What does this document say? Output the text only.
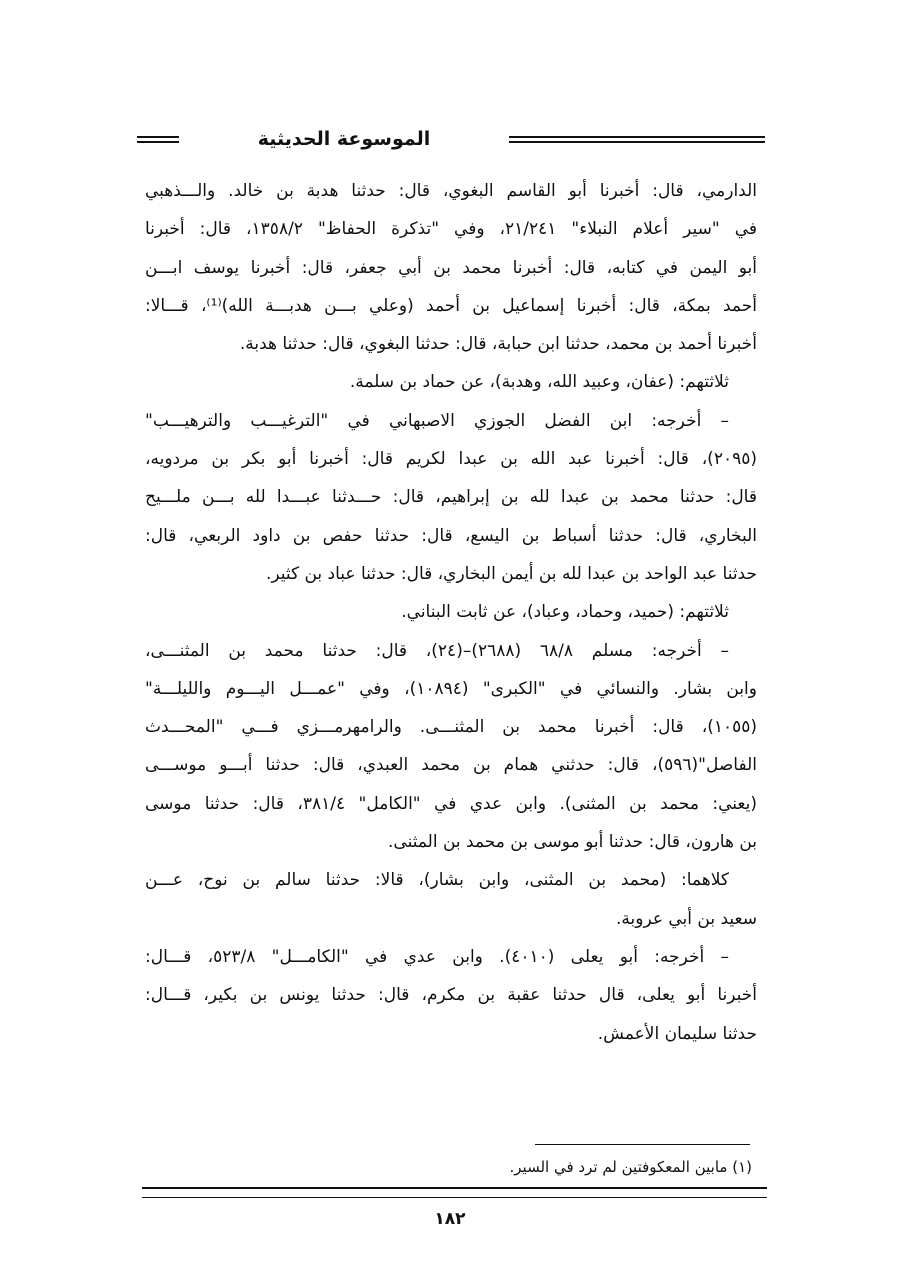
الموسوعة الحديثية
الدارمي، قال: أخبرنا أبو القاسم البغوي، قال: حدثنا هدبة بن خالد. والـــذهبي
في "سير أعلام النبلاء" ٢١/٢٤١، وفي "تذكرة الحفاظ" ١٣٥٨/٢، قال: أخبرنا
أبو اليمن في كتابه، قال: أخبرنا محمد بن أبي جعفر، قال: أخبرنا يوسف ابـــن
أحمد بمكة، قال: أخبرنا إسماعيل بن أحمد (وعلي بـــن هدبـــة الله)⁽¹⁾، قـــالا:
أخبرنا أحمد بن محمد، حدثنا ابن حبابة، قال: حدثنا البغوي، قال: حدثنا هدبة.
ثلاثتهم: (عفان، وعبيد الله، وهدبة)، عن حماد بن سلمة.
– أخرجه: ابن الفضل الجوزي الاصبهاني في "الترغيـــب والترهيـــب"
(٢٠٩٥)، قال: أخبرنا عبد الله بن عبدا لكريم قال: أخبرنا أبو بكر بن مردويه،
قال: حدثنا محمد بن عبدا لله بن إبراهيم، قال: حـــدثنا عبـــدا لله بـــن ملـــيح
البخاري، قال: حدثنا أسباط بن اليسع، قال: حدثنا حفص بن داود الربعي، قال:
حدثنا عبد الواحد بن عبدا لله بن أيمن البخاري، قال: حدثنا عباد بن كثير.
ثلاثتهم: (حميد، وحماد، وعباد)، عن ثابت البناني.
– أخرجه: مسلم ٦٨/٨ (٢٦٨٨)–(٢٤)، قال: حدثنا محمد بن المثنـــى،
وابن بشار. والنسائي في "الكبرى" (١٠٨٩٤)، وفي "عمـــل اليـــوم والليلـــة"
(١٠٥٥)، قال: أخبرنا محمد بن المثنـــى. والرامهرمـــزي فـــي "المحـــدث
الفاصل"(٥٩٦)، قال: حدثني همام بن محمد العبدي، قال: حدثنا أبـــو موســـى
(يعني: محمد بن المثنى). وابن عدي في "الكامل" ٣٨١/٤، قال: حدثنا موسى
بن هارون، قال: حدثنا أبو موسى بن محمد بن المثنى.
كلاهما: (محمد بن المثنى، وابن بشار)، قالا: حدثنا سالم بن نوح، عـــن
سعيد بن أبي عروبة.
– أخرجه: أبو يعلى (٤٠١٠). وابن عدي في "الكامـــل" ٥٢٣/٨، قـــال:
أخبرنا أبو يعلى، قال حدثنا عقبة بن مكرم، قال: حدثنا يونس بن بكير، قـــال:
حدثنا سليمان الأعمش.
(١) مابين المعكوفتين لم ترد في السير.
١٨٢
